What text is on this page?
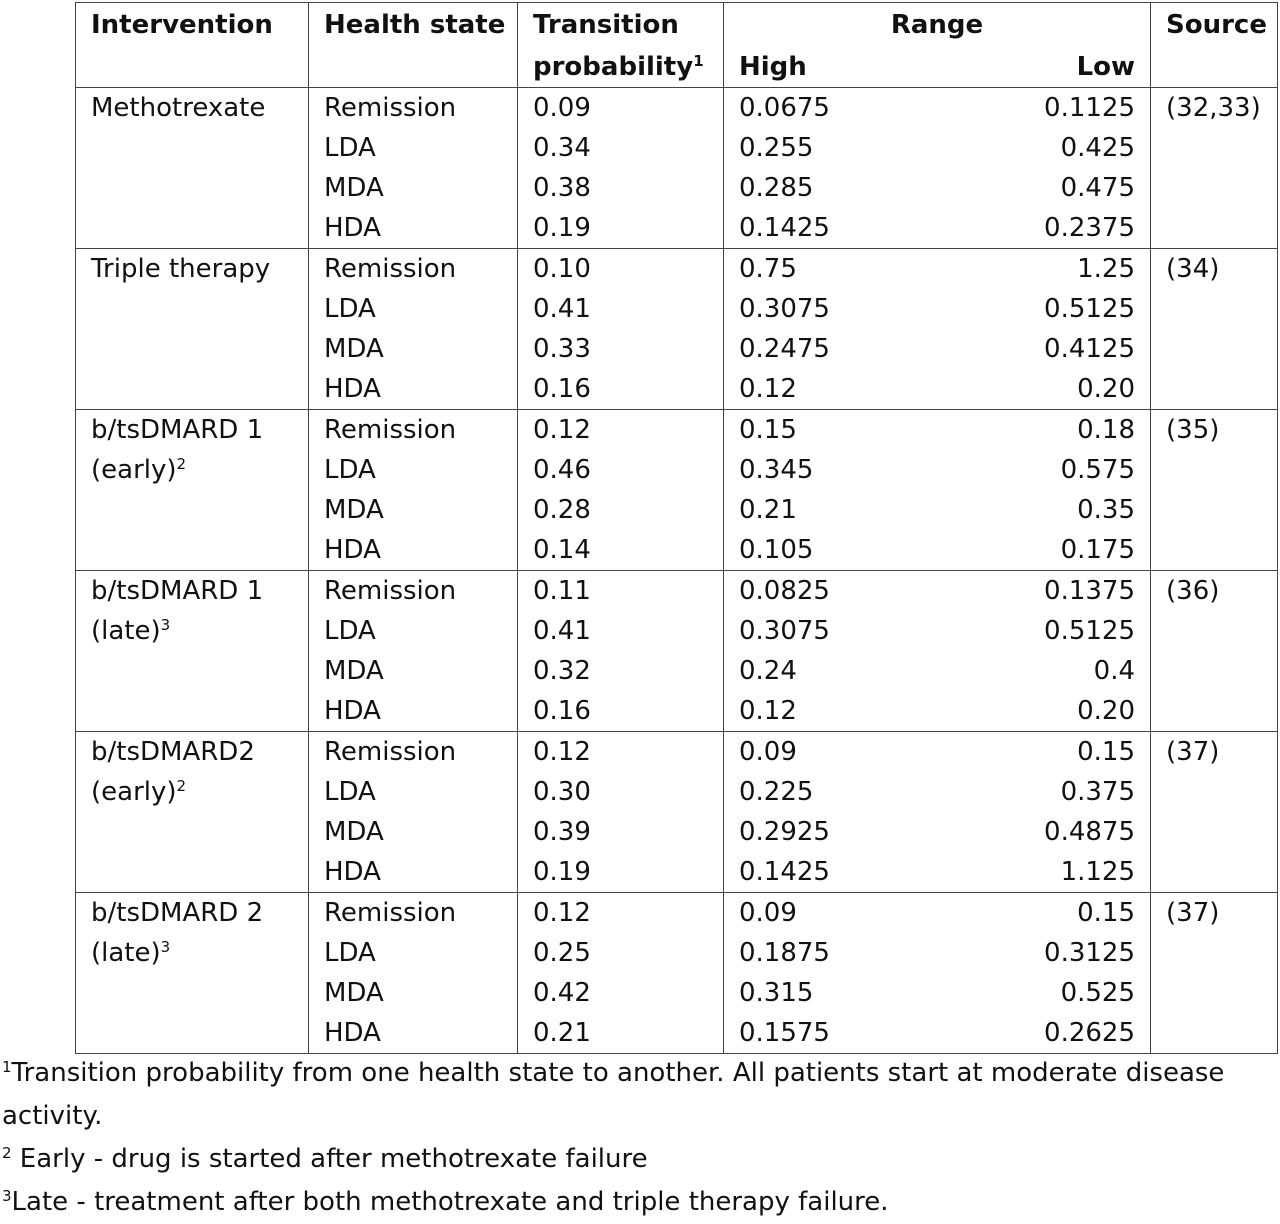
Intervention	Health state	Transition	Range		Source
		probability$^1$	High	Low	
Methotrexate	Remission	0.09	0.0675	0.1125	(32,33)
	LDA	0.34	0.255	0.425	
	MDA	0.38	0.285	0.475	
	HDA	0.19	0.1425	0.2375	
Triple therapy	Remission	0.10	0.75	1.25	(34)
	LDA	0.41	0.3075	0.5125	
	MDA	0.33	0.2475	0.4125	
	HDA	0.16	0.12	0.20	
b/tsDMARD 1	Remission	0.12	0.15	0.18	(35)
(early)$^2$	LDA	0.46	0.345	0.575	
	MDA	0.28	0.21	0.35	
	HDA	0.14	0.105	0.175	
b/tsDMARD 1	Remission	0.11	0.0825	0.1375	(36)
(late)$^3$	LDA	0.41	0.3075	0.5125	
	MDA	0.32	0.24	0.4	
	HDA	0.16	0.12	0.20	
b/tsDMARD2	Remission	0.12	0.09	0.15	(37)
(early)$^2$	LDA	0.30	0.225	0.375	
	MDA	0.39	0.2925	0.4875	
	HDA	0.19	0.1425	1.125	
b/tsDMARD 2	Remission	0.12	0.09	0.15	(37)
(late)$^3$	LDA	0.25	0.1875	0.3125	
	MDA	0.42	0.315	0.525	
	HDA	0.21	0.1575	0.2625	

$^1$Transition probability from one health state to another. All patients start at moderate disease activity.

$^2$ Early - drug is started after methotrexate failure

$^3$Late - treatment after both methotrexate and triple therapy failure.
